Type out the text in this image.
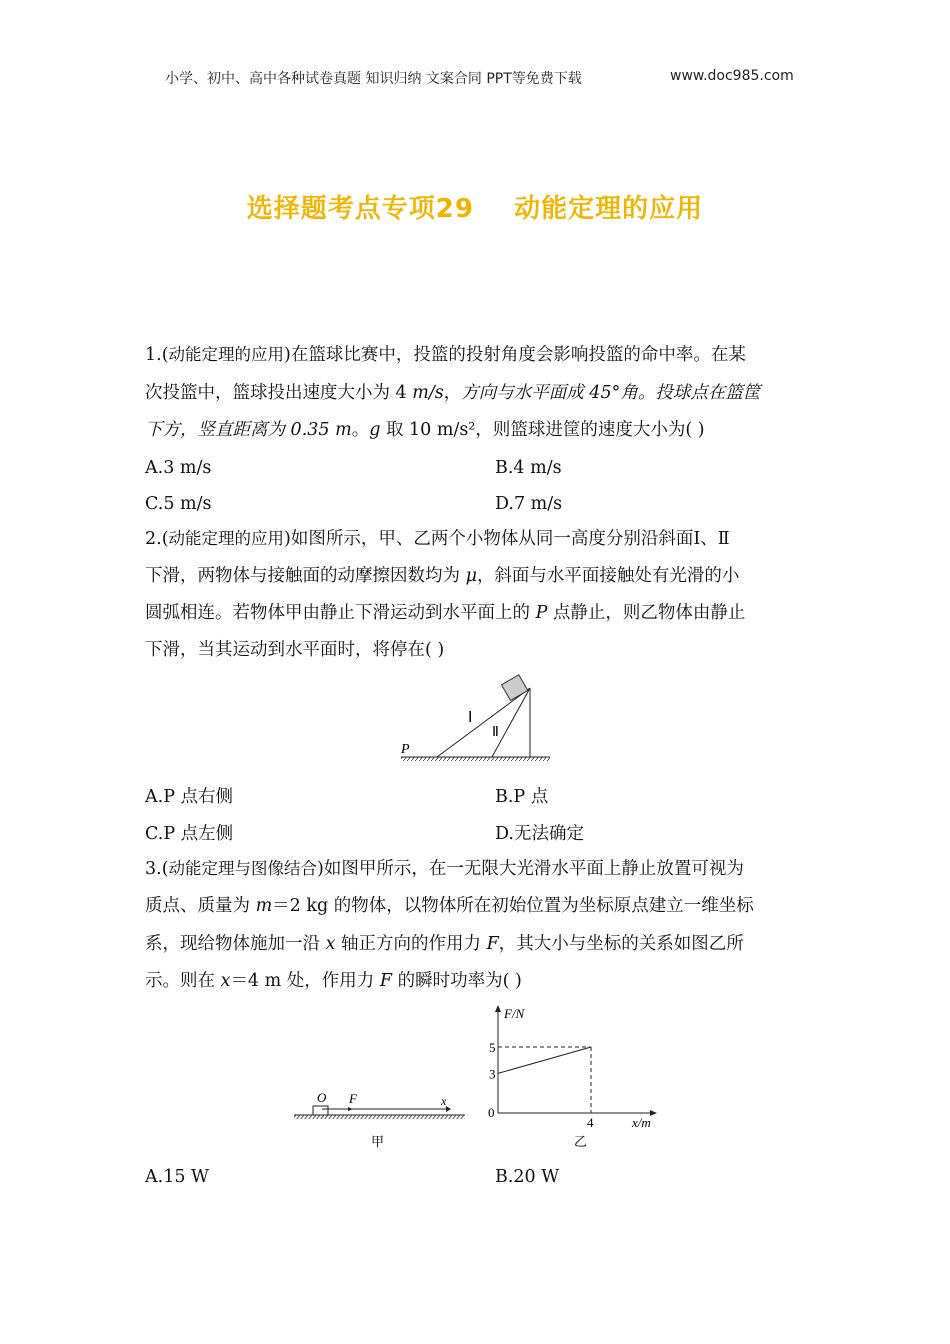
小学、初中、高中各种试卷真题 知识归纳 文案合同 PPT等免费下载	www.doc985.com
选择题考点专项29    动能定理的应用
1.(动能定理的应用)在篮球比赛中，投篮的投射角度会影响投篮的命中率。在某
次投篮中，篮球投出速度大小为 4 m/s，方向与水平面成 45°角。投球点在篮筐
下方，竖直距离为 0.35 m。g 取 10 m/s²，则篮球进筐的速度大小为( )
2.(动能定理的应用)如图所示，甲、乙两个小物体从同一高度分别沿斜面Ⅰ、Ⅱ
下滑，两物体与接触面的动摩擦因数均为 μ，斜面与水平面接触处有光滑的小
圆弧相连。若物体甲由静止下滑运动到水平面上的 P 点静止，则乙物体由静止
下滑，当其运动到水平面时，将停在( )
3.(动能定理与图像结合)如图甲所示，在一无限大光滑水平面上静止放置可视为
质点、质量为 m＝2 kg 的物体，以物体所在初始位置为坐标原点建立一维坐标
系，现给物体施加一沿 x 轴正方向的作用力 F，其大小与坐标的关系如图乙所
示。则在 x＝4 m 处，作用力 F 的瞬时功率为( )
A.3 m/s	B.4 m/s
C.5 m/s	D.7 m/s
A.P 点右侧	B.P 点
C.P 点左侧	D.无法确定
A.15 W	B.20 W
Ⅰ
Ⅱ
P
O F	x
甲
5
3
0
4	x/m
F/N
乙
